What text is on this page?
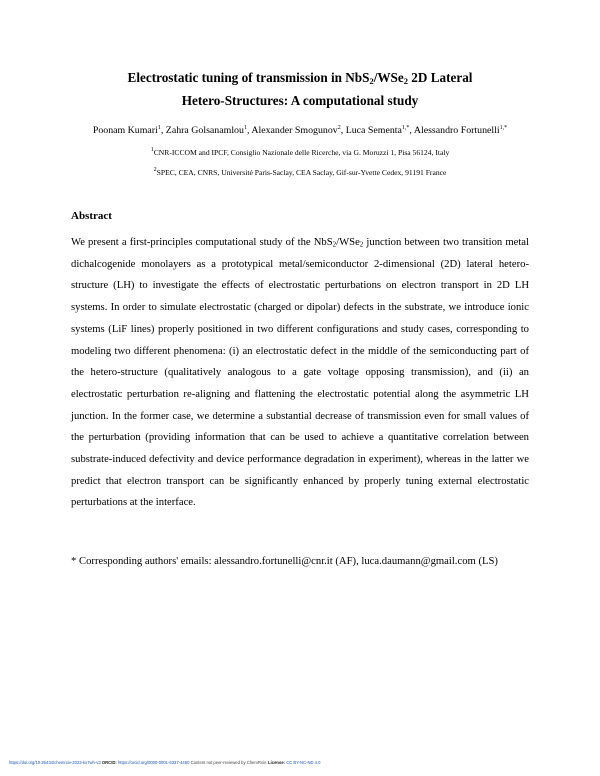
Electrostatic tuning of transmission in NbS$_2$/WSe$_2$ 2D Lateral
Hetero-Structures: A computational study
Poonam Kumari$^1$, Zahra Golsanamlou$^1$, Alexander Smogunov$^2$, Luca Sementa$^{1,*}$, Alessandro Fortunelli$^{1,*}$
$^1$CNR-ICCOM and IPCF, Consiglio Nazionale delle Ricerche, via G. Moruzzi 1, Pisa 56124, Italy
$^2$SPEC, CEA, CNRS, Université Paris-Saclay, CEA Saclay, Gif-sur-Yvette Cedex, 91191 France
Abstract
We present a first-principles computational study of the NbS$_2$/WSe$_2$ junction between two transition metal dichalcogenide monolayers as a prototypical metal/semiconductor 2-dimensional (2D) lateral hetero-structure (LH) to investigate the effects of electrostatic perturbations on electron transport in 2D LH systems. In order to simulate electrostatic (charged or dipolar) defects in the substrate, we introduce ionic systems (LiF lines) properly positioned in two different configurations and study cases, corresponding to modeling two different phenomena: (i) an electrostatic defect in the middle of the semiconducting part of the hetero-structure (qualitatively analogous to a gate voltage opposing transmission), and (ii) an electrostatic perturbation re-aligning and flattening the electrostatic potential along the asymmetric LH junction. In the former case, we determine a substantial decrease of transmission even for small values of the perturbation (providing information that can be used to achieve a quantitative correlation between substrate-induced defectivity and device performance degradation in experiment), whereas in the latter we predict that electron transport can be significantly enhanced by properly tuning external electrostatic perturbations at the interface.
* Corresponding authors' emails: alessandro.fortunelli@cnr.it (AF), luca.daumann@gmail.com (LS)
https://doi.org/10.26434/chemrxiv-2023-kx7wh-v3 ORCID: https://orcid.org/0000-0001-5337-4450 Content not peer-reviewed by ChemRxiv. License: CC BY-NC-ND 4.0
